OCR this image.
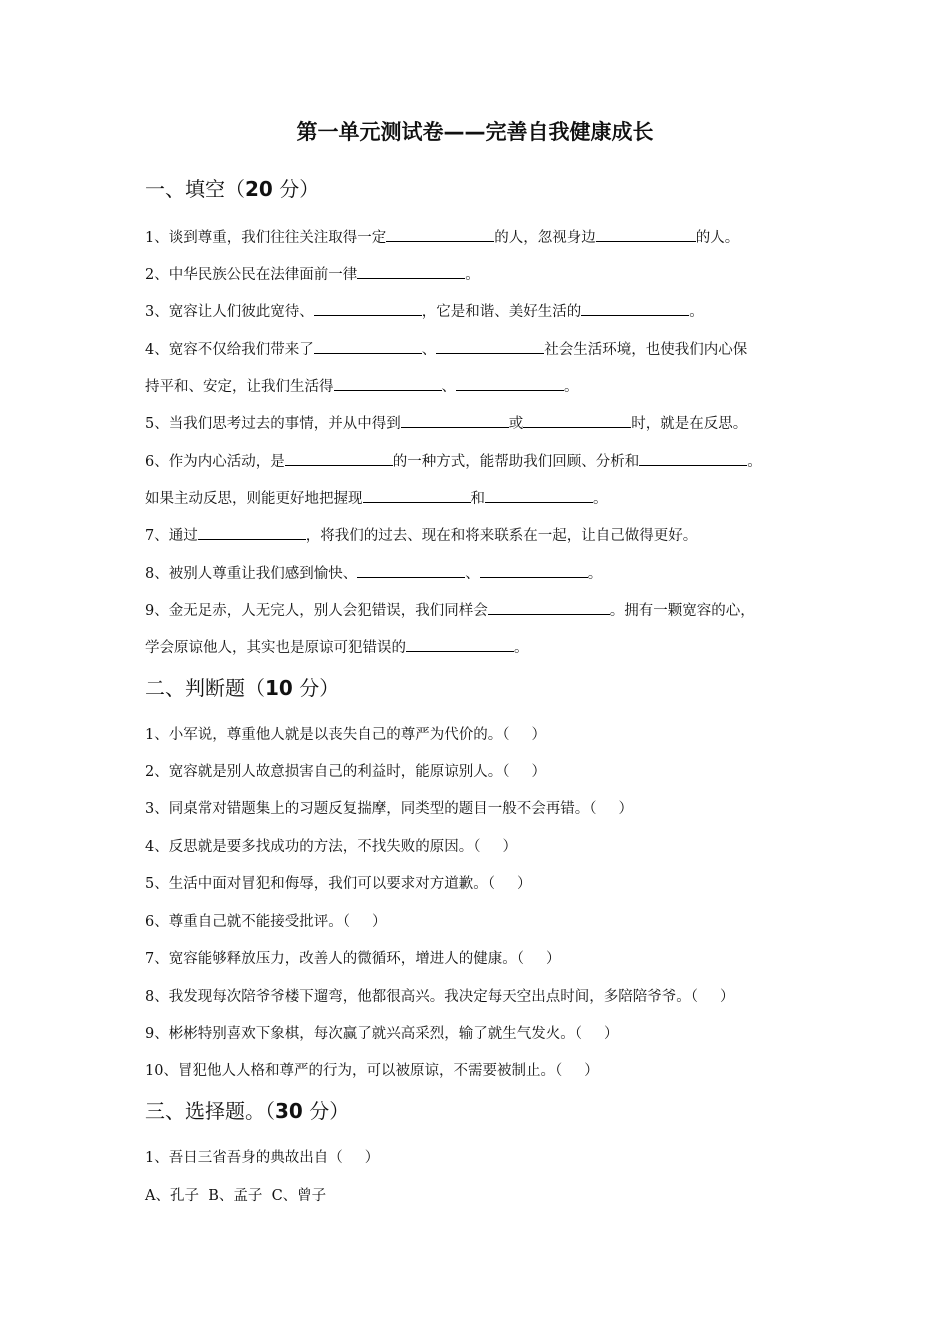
第一单元测试卷——完善自我健康成长
一、填空（20 分）
1、谈到尊重，我们往往关注取得一定	的人，忽视身边	的人。
2、中华民族公民在法律面前一律	。
3、宽容让人们彼此宽待、	，它是和谐、美好生活的	。
4、宽容不仅给我们带来了	、	社会生活环境，也使我们内心保
持平和、安定，让我们生活得	、	。
5、当我们思考过去的事情，并从中得到	或	时，就是在反思。
6、作为内心活动，是	的一种方式，能帮助我们回顾、分析和	。
如果主动反思，则能更好地把握现	和	。
7、通过	，将我们的过去、现在和将来联系在一起，让自己做得更好。
8、被别人尊重让我们感到愉快、	、	。
9、金无足赤，人无完人，别人会犯错误，我们同样会	。拥有一颗宽容的心，
学会原谅他人，其实也是原谅可犯错误的	。
二、判断题（10 分）
1、小军说，尊重他人就是以丧失自己的尊严为代价的。（ ）
2、宽容就是别人故意损害自己的利益时，能原谅别人。（ ）
3、同桌常对错题集上的习题反复揣摩，同类型的题目一般不会再错。（ ）
4、反思就是要多找成功的方法，不找失败的原因。（ ）
5、生活中面对冒犯和侮辱，我们可以要求对方道歉。（ ）
6、尊重自己就不能接受批评。（ ）
7、宽容能够释放压力，改善人的微循环，增进人的健康。（ ）
8、我发现每次陪爷爷楼下遛弯，他都很高兴。我决定每天空出点时间，多陪陪爷爷。（ ）
9、彬彬特别喜欢下象棋，每次赢了就兴高采烈，输了就生气发火。（ ）
10、冒犯他人人格和尊严的行为，可以被原谅，不需要被制止。（ ）
三、选择题。（30 分）
1、吾日三省吾身的典故出自（ ）
A、孔子  B、孟子  C、曾子
